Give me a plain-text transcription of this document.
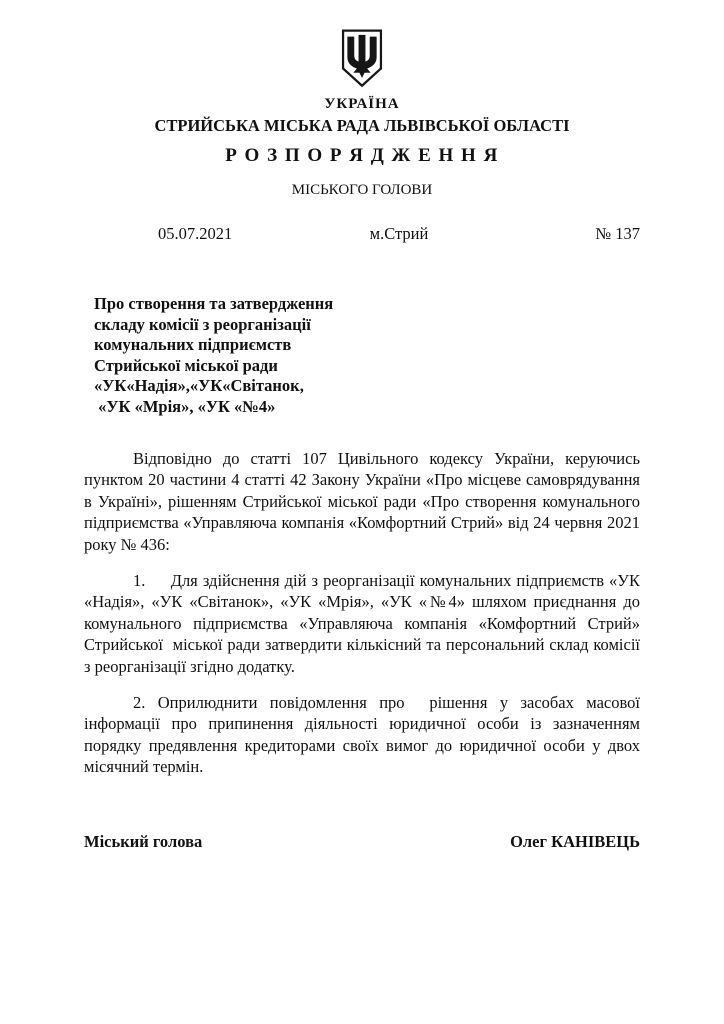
УКРАЇНА
СТРИЙСЬКА МІСЬКА РАДА ЛЬВІВСЬКОЇ ОБЛАСТІ
Р О З П О Р Я Д Ж Е Н Н Я
МІСЬКОГО ГОЛОВИ
05.07.2021	м.Стрий	№ 137
Про створення та затвердження
складу комісії з реорганізації
комунальних підприємств
Стрийської міської ради
«УК«Надія»,«УК«Світанок,
«УК «Мрія», «УК «№4»

Відповідно до статті 107 Цивільного кодексу України, керуючись пунктом 20 частини 4 статті 42 Закону України «Про місцеве самоврядування в Україні», рішенням Стрийської міської ради «Про створення комунального підприємства «Управляюча компанія «Комфортний Стрий» від 24 червня 2021 року № 436:

1.     Для здійснення дій з реорганізації комунальних підприємств «УК «Надія», «УК «Світанок», «УК «Мрія», «УК «№4» шляхом приєднання до комунального підприємства «Управляюча компанія «Комфортний Стрий» Стрийської  міської ради затвердити кількісний та персональний склад комісії з реорганізації згідно додатку.

2. Оприлюднити повідомлення про  рішення у засобах масової інформації про припинення діяльності юридичної особи із зазначенням порядку предявлення кредиторами своїх вимог до юридичної особи у двох місячний термін.

Міський голова	Олег КАНІВЕЦЬ
